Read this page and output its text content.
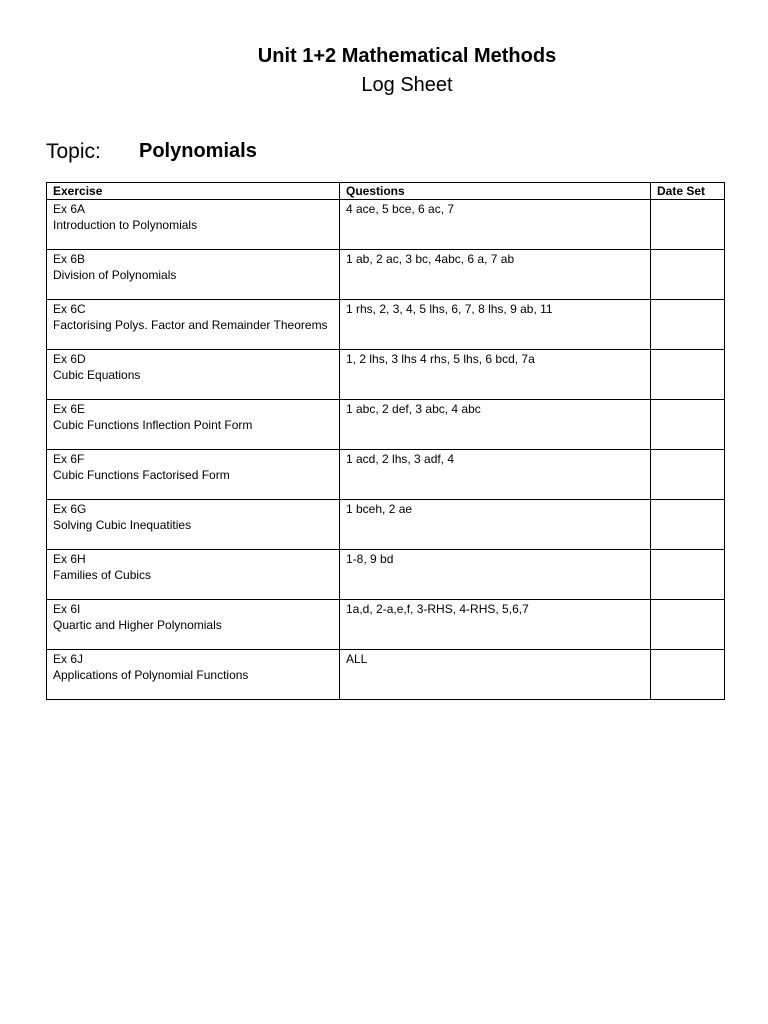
Unit 1+2 Mathematical Methods
Log Sheet
Topic: Polynomials
Exercise	Questions	Date Set

Ex 6A
Introduction to Polynomials	4 ace, 5 bce, 6 ac, 7	

Ex 6B
Division of Polynomials	1 ab, 2 ac, 3 bc, 4abc, 6 a, 7 ab	

Ex 6C
Factorising Polys. Factor and Remainder Theorems	1 rhs, 2, 3, 4, 5 lhs, 6, 7, 8 lhs, 9 ab, 11	

Ex 6D
Cubic Equations	1, 2 lhs, 3 lhs 4 rhs, 5 lhs, 6 bcd, 7a	

Ex 6E
Cubic Functions Inflection Point Form	1 abc, 2 def, 3 abc, 4 abc	

Ex 6F
Cubic Functions Factorised Form	1 acd, 2 lhs, 3 adf, 4	

Ex 6G
Solving Cubic Inequatities	1 bceh, 2 ae	

Ex 6H
Families of Cubics	1-8, 9 bd	

Ex 6I
Quartic and Higher Polynomials	1a,d, 2-a,e,f, 3-RHS, 4-RHS, 5,6,7	

Ex 6J
Applications of Polynomial Functions	ALL	
